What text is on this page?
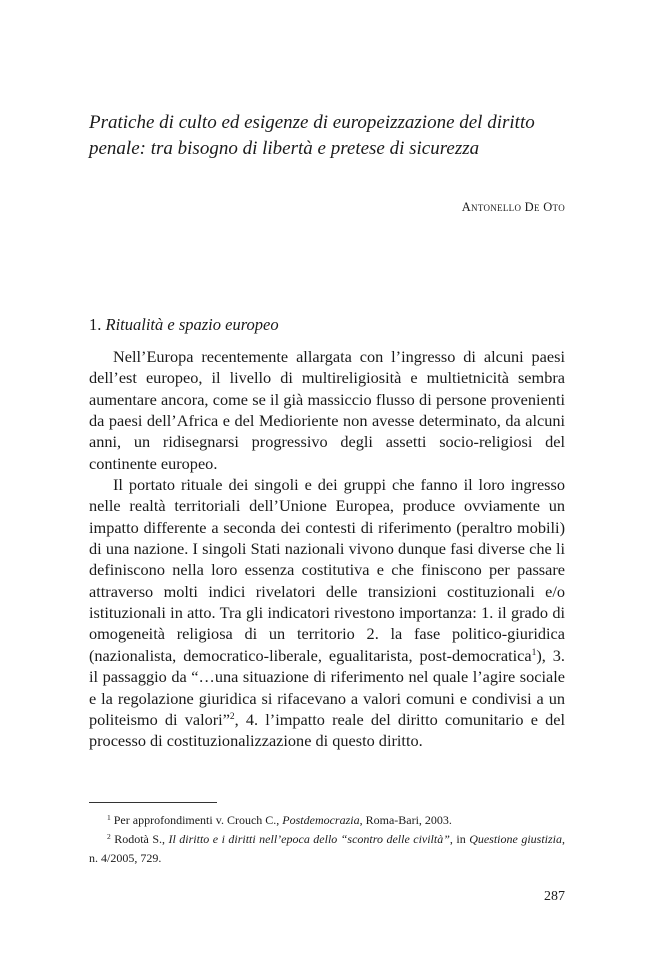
Pratiche di culto ed esigenze di europeizzazione del diritto penale: tra bisogno di libertà e pretese di sicurezza
Antonello De Oto
1. Ritualità e spazio europeo

Nell’Europa recentemente allargata con l’ingresso di alcuni paesi dell’est europeo, il livello di multireligiosità e multietnicità sembra aumentare ancora, come se il già massiccio flusso di persone provenienti da paesi dell’Africa e del Medioriente non avesse determinato, da alcuni anni, un ridisegnarsi progressivo degli assetti socio-religiosi del continente europeo.

Il portato rituale dei singoli e dei gruppi che fanno il loro ingresso nelle realtà territoriali dell’Unione Europea, produce ovviamente un impatto differente a seconda dei contesti di riferimento (peraltro mobili) di una nazione. I singoli Stati nazionali vivono dunque fasi diverse che li definiscono nella loro essenza costitutiva e che finiscono per passare attraverso molti indici rivelatori delle transizioni costituzionali e/o istituzionali in atto. Tra gli indicatori rivestono importanza: 1. il grado di omogeneità religiosa di un territorio 2. la fase politico-giuridica (nazionalista, democratico-liberale, egualitarista, post-democratica$^1$), 3. il passaggio da “…una situazione di riferimento nel quale l’agire sociale e la regolazione giuridica si rifacevano a valori comuni e condivisi a un politeismo di valori”$^2$, 4. l’impatto reale del diritto comunitario e del processo di costituzionalizzazione di questo diritto.

$^1$ Per approfondimenti v. Crouch C., Postdemocrazia, Roma-Bari, 2003.

$^2$ Rodotà S., Il diritto e i diritti nell’epoca dello “scontro delle civiltà”, in Questione giustizia, n. 4/2005, 729.

287
